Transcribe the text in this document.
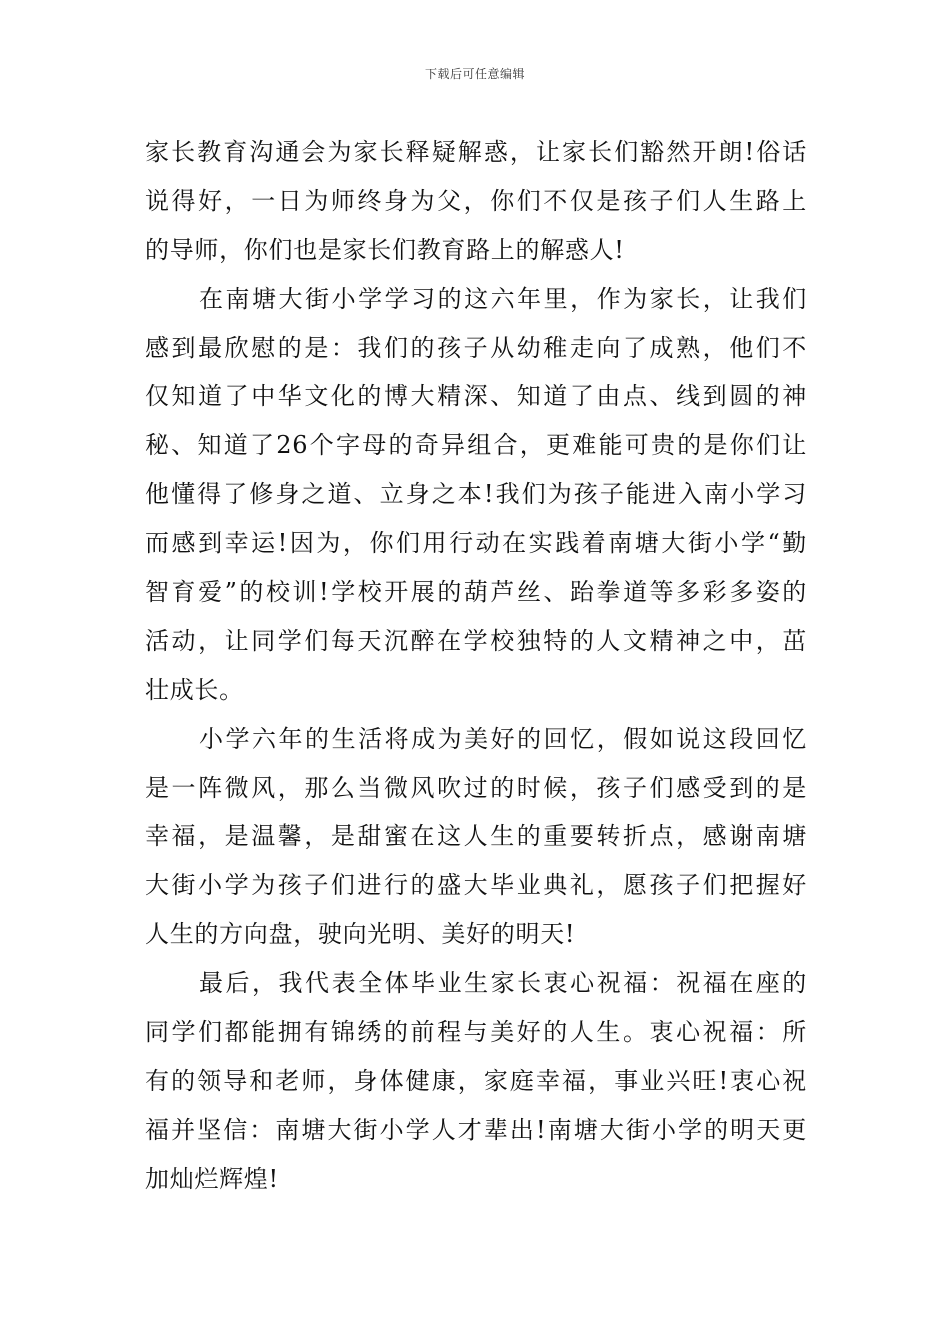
下载后可任意编辑
家长教育沟通会为家长释疑解惑，让家长们豁然开朗!俗话
说得好，一日为师终身为父，你们不仅是孩子们人生路上
的导师，你们也是家长们教育路上的解惑人!
在南塘大街小学学习的这六年里，作为家长，让我们
感到最欣慰的是：我们的孩子从幼稚走向了成熟，他们不
仅知道了中华文化的博大精深、知道了由点、线到圆的神
秘、知道了26个字母的奇异组合，更难能可贵的是你们让
他懂得了修身之道、立身之本!我们为孩子能进入南小学习
而感到幸运!因为，你们用行动在实践着南塘大街小学“勤
智育爱”的校训!学校开展的葫芦丝、跆拳道等多彩多姿的
活动，让同学们每天沉醉在学校独特的人文精神之中，茁
壮成长。
小学六年的生活将成为美好的回忆，假如说这段回忆
是一阵微风，那么当微风吹过的时候，孩子们感受到的是
幸福，是温馨，是甜蜜在这人生的重要转折点，感谢南塘
大街小学为孩子们进行的盛大毕业典礼，愿孩子们把握好
人生的方向盘，驶向光明、美好的明天!
最后，我代表全体毕业生家长衷心祝福：祝福在座的
同学们都能拥有锦绣的前程与美好的人生。衷心祝福：所
有的领导和老师，身体健康，家庭幸福，事业兴旺!衷心祝
福并坚信：南塘大街小学人才辈出!南塘大街小学的明天更
加灿烂辉煌!
